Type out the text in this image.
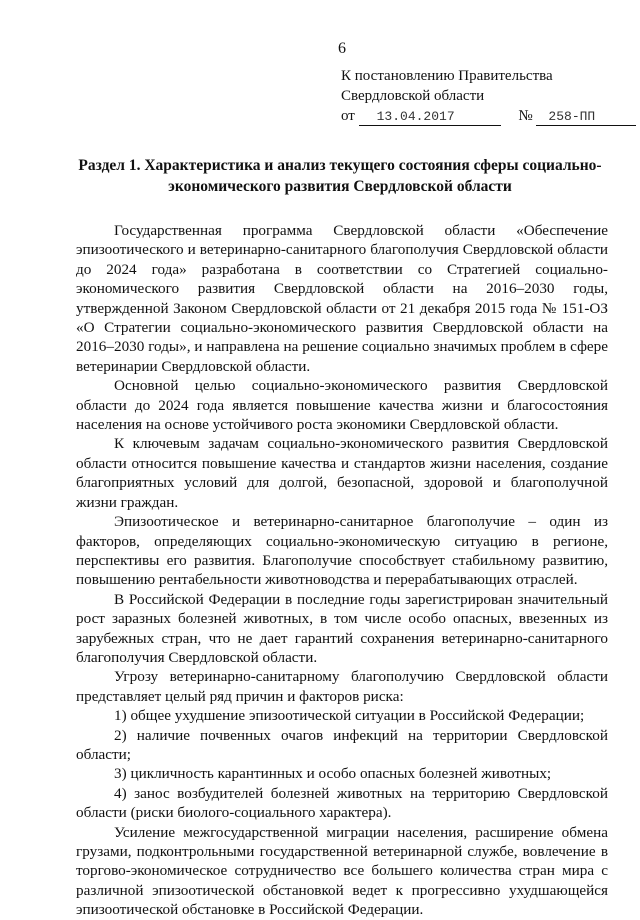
6
К постановлению Правительства
Свердловской области
от 13.04.2017	№ 258-ПП
Раздел 1. Характеристика и анализ текущего состояния сферы социально-экономического развития Свердловской области

Государственная программа Свердловской области «Обеспечение эпизоотического и ветеринарно-санитарного благополучия Свердловской области до 2024 года» разработана в соответствии со Стратегией социально-экономического развития Свердловской области на 2016–2030 годы, утвержденной Законом Свердловской области от 21 декабря 2015 года № 151-ОЗ «О Стратегии социально-экономического развития Свердловской области на 2016–2030 годы», и направлена на решение социально значимых проблем в сфере ветеринарии Свердловской области.

Основной целью социально-экономического развития Свердловской области до 2024 года является повышение качества жизни и благосостояния населения на основе устойчивого роста экономики Свердловской области.

К ключевым задачам социально-экономического развития Свердловской области относится повышение качества и стандартов жизни населения, создание благоприятных условий для долгой, безопасной, здоровой и благополучной жизни граждан.

Эпизоотическое и ветеринарно-санитарное благополучие – один из факторов, определяющих социально-экономическую ситуацию в регионе, перспективы его развития. Благополучие способствует стабильному развитию, повышению рентабельности животноводства и перерабатывающих отраслей.

В Российской Федерации в последние годы зарегистрирован значительный рост заразных болезней животных, в том числе особо опасных, ввезенных из зарубежных стран, что не дает гарантий сохранения ветеринарно-санитарного благополучия Свердловской области.

Угрозу ветеринарно-санитарному благополучию Свердловской области представляет целый ряд причин и факторов риска:

1) общее ухудшение эпизоотической ситуации в Российской Федерации;

2) наличие почвенных очагов инфекций на территории Свердловской области;

3) цикличность карантинных и особо опасных болезней животных;

4) занос возбудителей болезней животных на территорию Свердловской области (риски биолого-социального характера).

Усиление межгосударственной миграции населения, расширение обмена грузами, подконтрольными государственной ветеринарной службе, вовлечение в торгово-экономическое сотрудничество все большего количества стран мира с различной эпизоотической обстановкой ведет к прогрессивно ухудшающейся эпизоотической обстановке в Российской Федерации.
